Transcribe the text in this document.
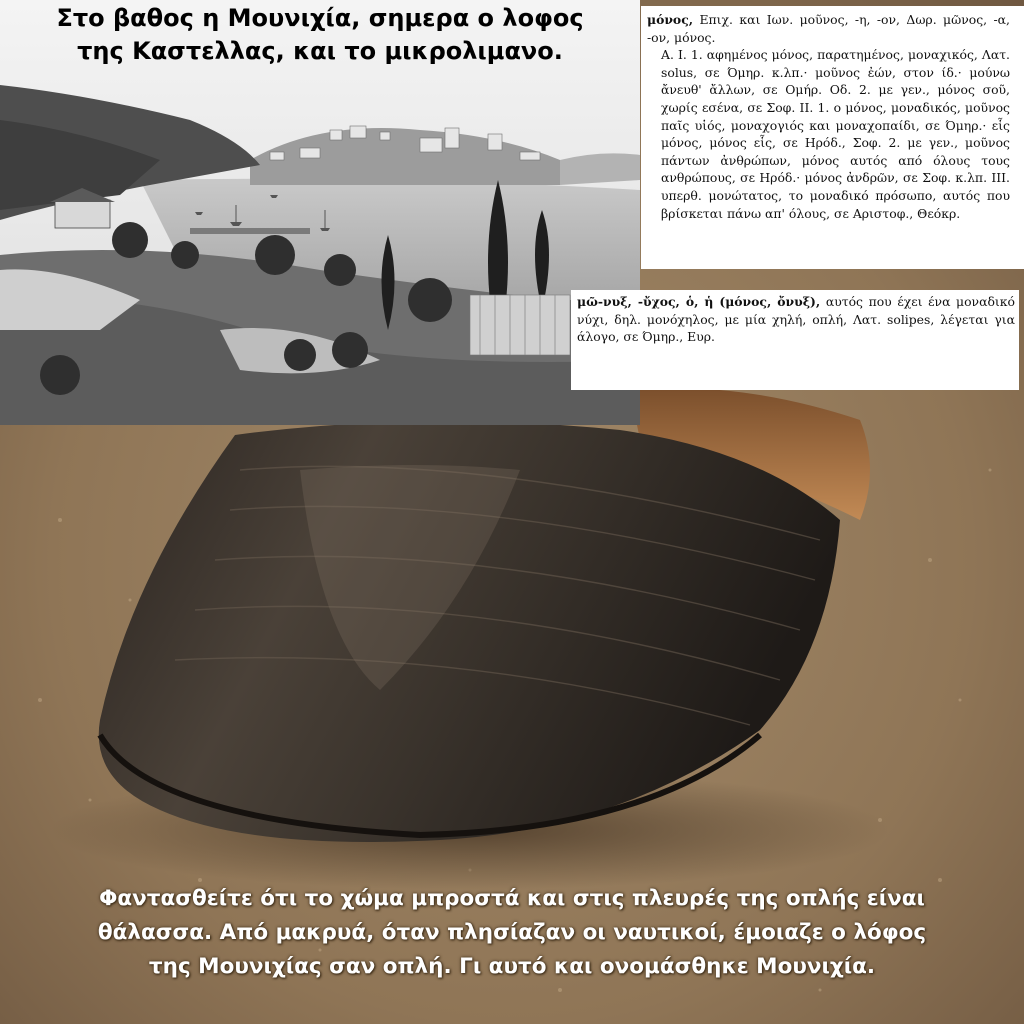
Στο βαθος η Μουνιχία, σημερα ο λοφος
της Καστελλας, και το μικρολιμανο.

μόνος, Επιχ. και Ιων. μοῦνος, -η, -ον, Δωρ. μῶνος, -α, -ον, μόνος.

A. I. 1. αφημένος μόνος, παρατημένος, μοναχικός, Λατ. solus, σε Όμηρ. κ.λπ.· μοῦνος ἐών, στον ίδ.· μούνω ἄνευθ' ἄλλων, σε Ομήρ. Οδ. 2. με γεν., μόνος σοῦ, χωρίς εσένα, σε Σοφ. II. 1. ο μόνος, μοναδικός, μοῦνος παῖς υἱός, μοναχογιός και μοναχοπαίδι, σε Όμηρ.· εἷς μόνος, μόνος εἷς, σε Ηρόδ., Σοφ. 2. με γεν., μοῦνος πάντων ἀνθρώπων, μόνος αυτός από όλους τους ανθρώπους, σε Ηρόδ.· μόνος ἀνδρῶν, σε Σοφ. κ.λπ. III. υπερθ. μονώτατος, το μοναδικό πρόσωπο, αυτός που βρίσκεται πάνω απ' όλους, σε Αριστοφ., Θεόκρ.

μῶ-νυξ, -ὔχος, ὁ, ἡ (μόνος, ὄνυξ), αυτός που έχει ένα μοναδικό νύχι, δηλ. μονόχηλος, με μία χηλή, οπλή, Λατ. solipes, λέγεται για άλογο, σε Όμηρ., Ευρ.

Φαντασθείτε ότι το χώμα μπροστά και στις πλευρές της οπλής είναι
θάλασσα. Από μακρυά, όταν πλησίαζαν οι ναυτικοί, έμοιαζε ο λόφος
της Μουνιχίας σαν οπλή. Γι αυτό και ονομάσθηκε Μουνιχία.
